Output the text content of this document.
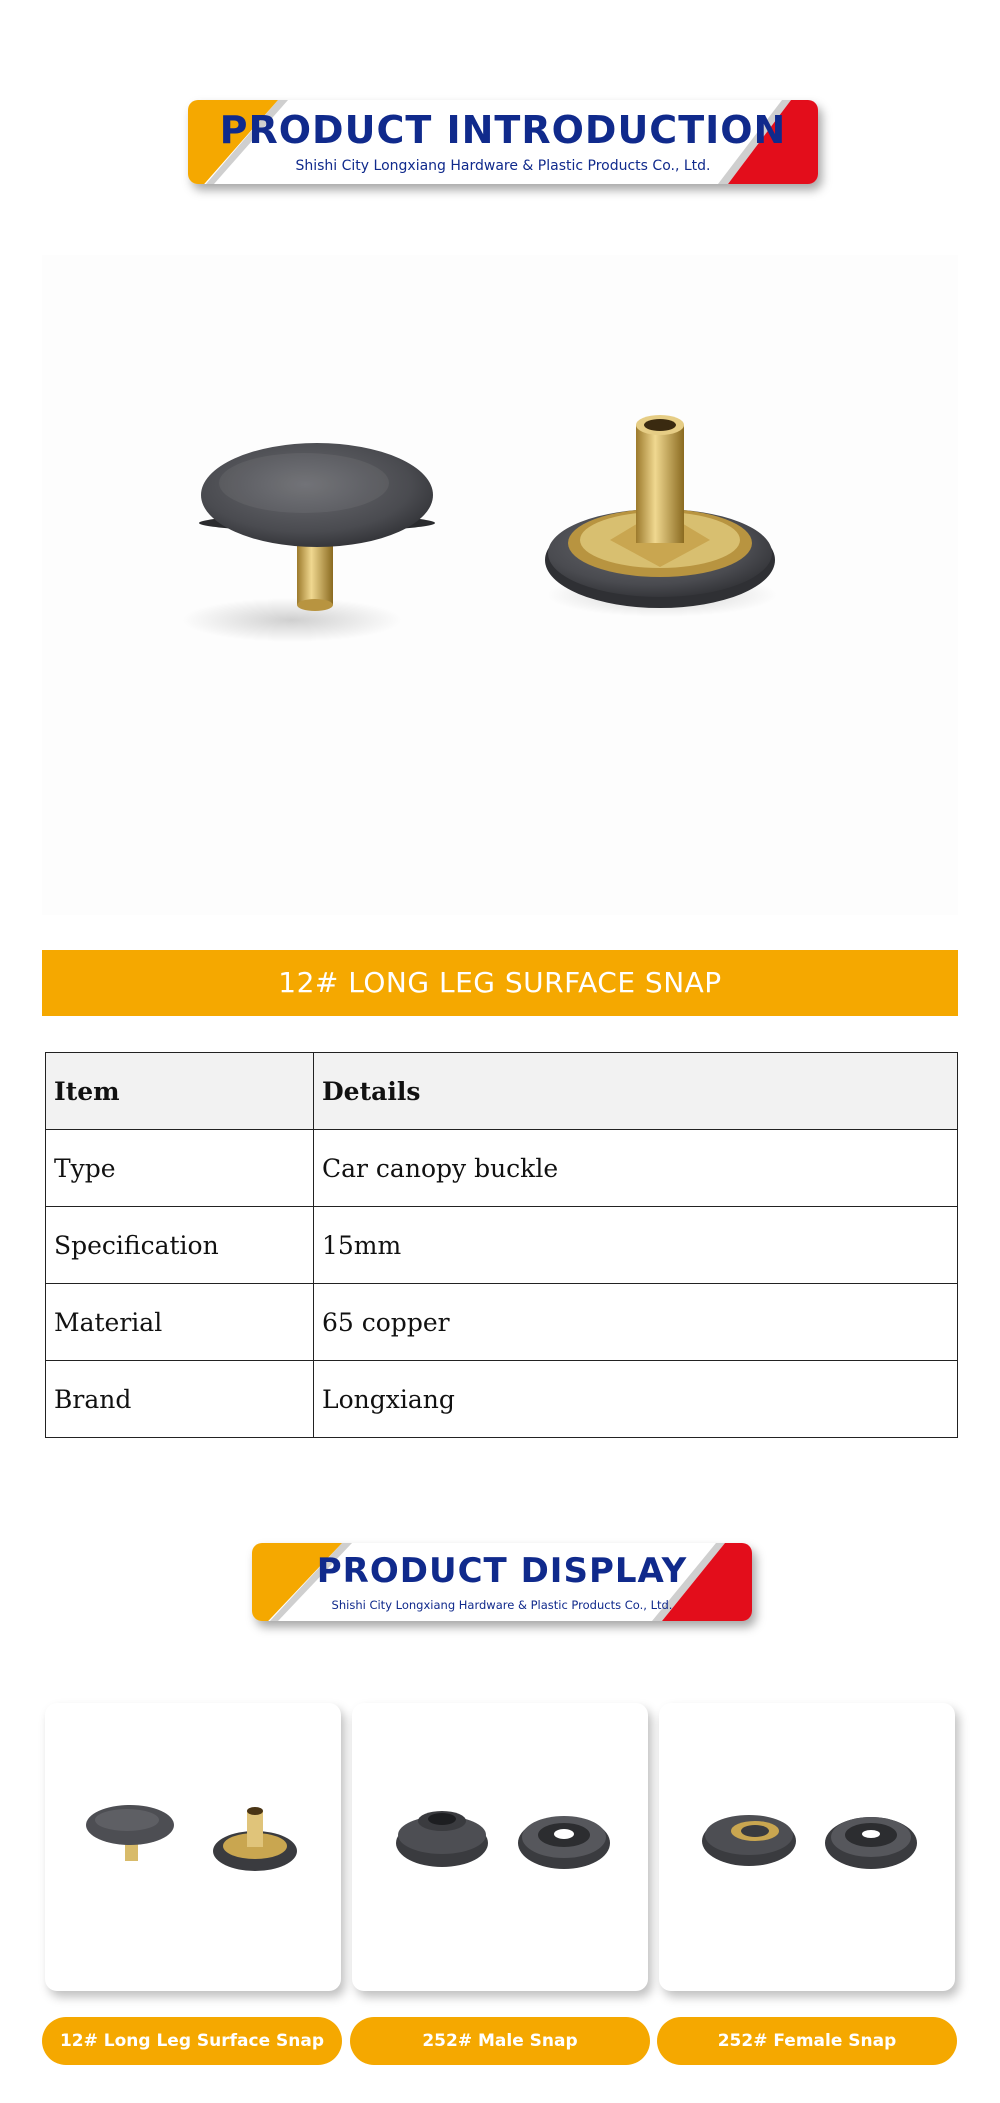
PRODUCT INTRODUCTION
Shishi City Longxiang Hardware & Plastic Products Co., Ltd.
12# LONG LEG SURFACE SNAP
Item	Details
Type	Car canopy buckle
Specification	15mm
Material	65 copper
Brand	Longxiang
PRODUCT DISPLAY
Shishi City Longxiang Hardware & Plastic Products Co., Ltd.
12# Long Leg Surface Snap	252# Male Snap	252# Female Snap
